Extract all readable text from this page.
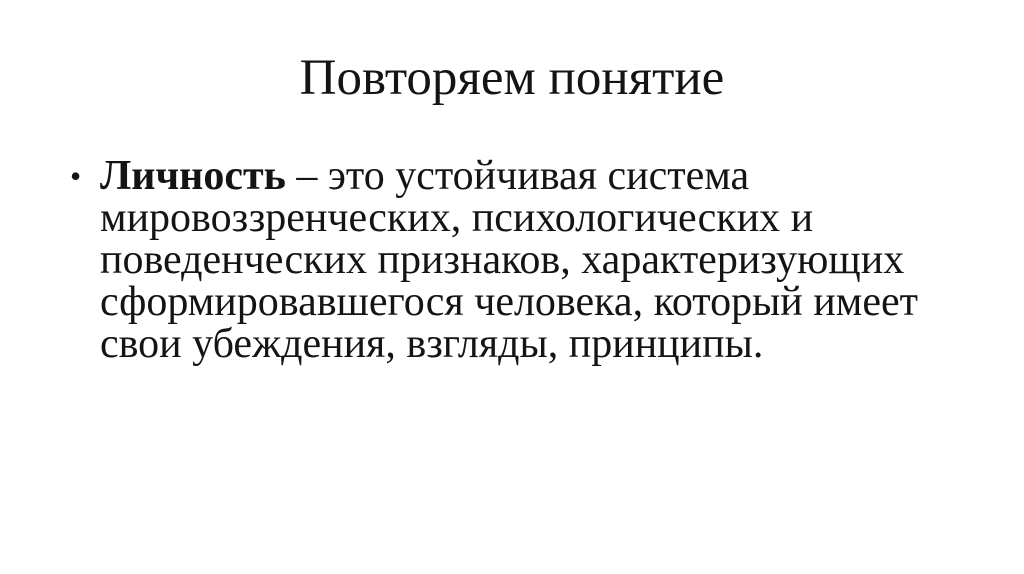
Повторяем понятие
• Личность – это устойчивая система мировоззренческих, психологических и поведенческих признаков, характеризующих сформировавшегося человека, который имеет свои убеждения, взгляды, принципы.
